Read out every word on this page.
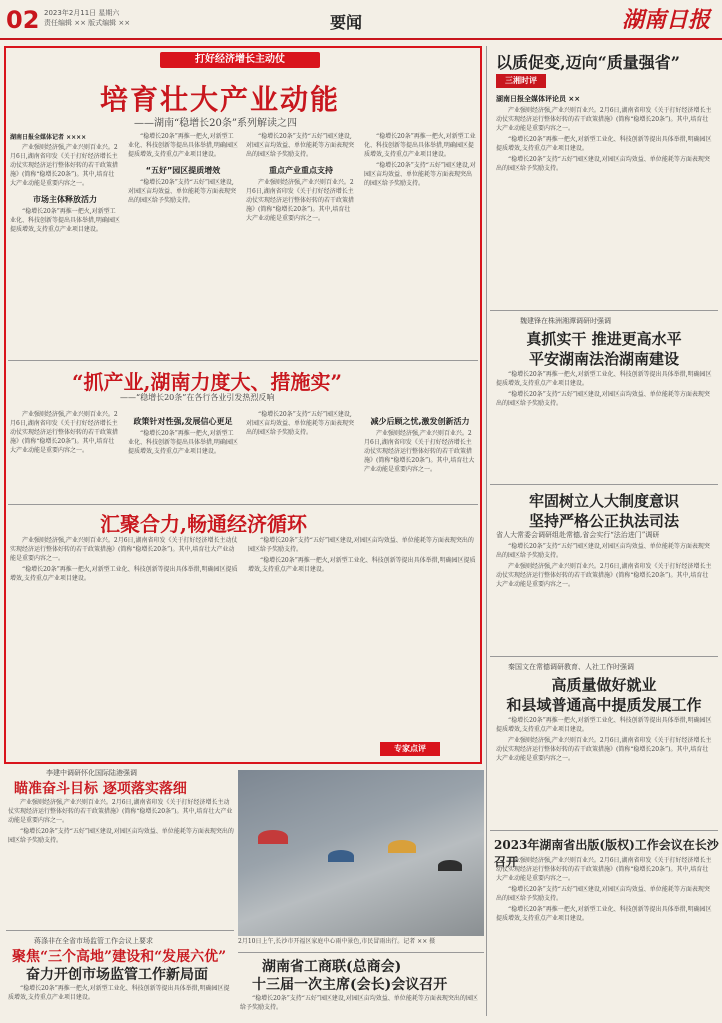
02 2023年2月11日 星期六
责任编辑 ×× 版式编辑 ××	要闻	湖南日报
打好经济增长主动仗
培育壮大产业动能
——湖南“稳增长20条”系列解读之四

湖南日报全媒体记者 ××××

产业强则经济强,产业兴则百业兴。2月6日,湖南省印发《关于打好经济增长主动仗实现经济运行整体好转的若干政策措施》(简称“稳增长20条”)。其中,培育壮大产业动能是重要内容之一。

市场主体释放活力

“稳增长20条”再推一把火,对新型工业化、科技创新等提出具体举措,明确园区提质增效,支持重点产业项目建设。

“稳增长20条”再推一把火,对新型工业化、科技创新等提出具体举措,明确园区提质增效,支持重点产业项目建设。

“五好”园区提质增效

“稳增长20条”支持“五好”园区建设,对园区亩均效益、单位能耗等方面表现突出的园区给予奖励支持。

“稳增长20条”支持“五好”园区建设,对园区亩均效益、单位能耗等方面表现突出的园区给予奖励支持。

重点产业重点支持

产业强则经济强,产业兴则百业兴。2月6日,湖南省印发《关于打好经济增长主动仗实现经济运行整体好转的若干政策措施》(简称“稳增长20条”)。其中,培育壮大产业动能是重要内容之一。

“稳增长20条”再推一把火,对新型工业化、科技创新等提出具体举措,明确园区提质增效,支持重点产业项目建设。

“稳增长20条”支持“五好”园区建设,对园区亩均效益、单位能耗等方面表现突出的园区给予奖励支持。

“抓产业,湖南力度大、措施实”
——“稳增长20条”在各行各业引发热烈反响

产业强则经济强,产业兴则百业兴。2月6日,湖南省印发《关于打好经济增长主动仗实现经济运行整体好转的若干政策措施》(简称“稳增长20条”)。其中,培育壮大产业动能是重要内容之一。

政策针对性强,发展信心更足

“稳增长20条”再推一把火,对新型工业化、科技创新等提出具体举措,明确园区提质增效,支持重点产业项目建设。

“稳增长20条”支持“五好”园区建设,对园区亩均效益、单位能耗等方面表现突出的园区给予奖励支持。

减少后顾之忧,激发创新活力

产业强则经济强,产业兴则百业兴。2月6日,湖南省印发《关于打好经济增长主动仗实现经济运行整体好转的若干政策措施》(简称“稳增长20条”)。其中,培育壮大产业动能是重要内容之一。

汇聚合力,畅通经济循环

产业强则经济强,产业兴则百业兴。2月6日,湖南省印发《关于打好经济增长主动仗实现经济运行整体好转的若干政策措施》(简称“稳增长20条”)。其中,培育壮大产业动能是重要内容之一。

“稳增长20条”再推一把火,对新型工业化、科技创新等提出具体举措,明确园区提质增效,支持重点产业项目建设。

“稳增长20条”支持“五好”园区建设,对园区亩均效益、单位能耗等方面表现突出的园区给予奖励支持。

“稳增长20条”再推一把火,对新型工业化、科技创新等提出具体举措,明确园区提质增效,支持重点产业项目建设。

专家点评
以质促变,迈向“质量强省”
三湘时评
湖南日报全媒体评论员 ××

产业强则经济强,产业兴则百业兴。2月6日,湖南省印发《关于打好经济增长主动仗实现经济运行整体好转的若干政策措施》(简称“稳增长20条”)。其中,培育壮大产业动能是重要内容之一。

“稳增长20条”再推一把火,对新型工业化、科技创新等提出具体举措,明确园区提质增效,支持重点产业项目建设。

“稳增长20条”支持“五好”园区建设,对园区亩均效益、单位能耗等方面表现突出的园区给予奖励支持。

魏建锋在株洲湘潭调研时强调
真抓实干 推进更高水平
平安湖南法治湖南建设

“稳增长20条”再推一把火,对新型工业化、科技创新等提出具体举措,明确园区提质增效,支持重点产业项目建设。

“稳增长20条”支持“五好”园区建设,对园区亩均效益、单位能耗等方面表现突出的园区给予奖励支持。

牢固树立人大制度意识
坚持严格公正执法司法
省人大常委会调研组赴常德,省会实行“法治进门”调研

“稳增长20条”支持“五好”园区建设,对园区亩均效益、单位能耗等方面表现突出的园区给予奖励支持。

产业强则经济强,产业兴则百业兴。2月6日,湖南省印发《关于打好经济增长主动仗实现经济运行整体好转的若干政策措施》(简称“稳增长20条”)。其中,培育壮大产业动能是重要内容之一。

秦国文在常德调研教育、人社工作时强调
高质量做好就业
和县域普通高中提质发展工作

“稳增长20条”再推一把火,对新型工业化、科技创新等提出具体举措,明确园区提质增效,支持重点产业项目建设。

产业强则经济强,产业兴则百业兴。2月6日,湖南省印发《关于打好经济增长主动仗实现经济运行整体好转的若干政策措施》(简称“稳增长20条”)。其中,培育壮大产业动能是重要内容之一。

2023年湖南省出版(版权)工作会议在长沙召开

产业强则经济强,产业兴则百业兴。2月6日,湖南省印发《关于打好经济增长主动仗实现经济运行整体好转的若干政策措施》(简称“稳增长20条”)。其中,培育壮大产业动能是重要内容之一。

“稳增长20条”支持“五好”园区建设,对园区亩均效益、单位能耗等方面表现突出的园区给予奖励支持。

“稳增长20条”再推一把火,对新型工业化、科技创新等提出具体举措,明确园区提质增效,支持重点产业项目建设。

李建中调研怀化国际陆港强调
瞄准奋斗目标 逐项落实落细

产业强则经济强,产业兴则百业兴。2月6日,湖南省印发《关于打好经济增长主动仗实现经济运行整体好转的若干政策措施》(简称“稳增长20条”)。其中,培育壮大产业动能是重要内容之一。

“稳增长20条”支持“五好”园区建设,对园区亩均效益、单位能耗等方面表现突出的园区给予奖励支持。

蒋涤非在全省市场监管工作会议上要求
聚焦“三个高地”建设和“发展六优”
奋力开创市场监管工作新局面

“稳增长20条”再推一把火,对新型工业化、科技创新等提出具体举措,明确园区提质增效,支持重点产业项目建设。

2月10日上午,长沙市开福区家庭中心雨中景色,市民冒雨出行。记者 ×× 摄
湖南省工商联(总商会)
十三届一次主席(会长)会议召开

“稳增长20条”支持“五好”园区建设,对园区亩均效益、单位能耗等方面表现突出的园区给予奖励支持。
